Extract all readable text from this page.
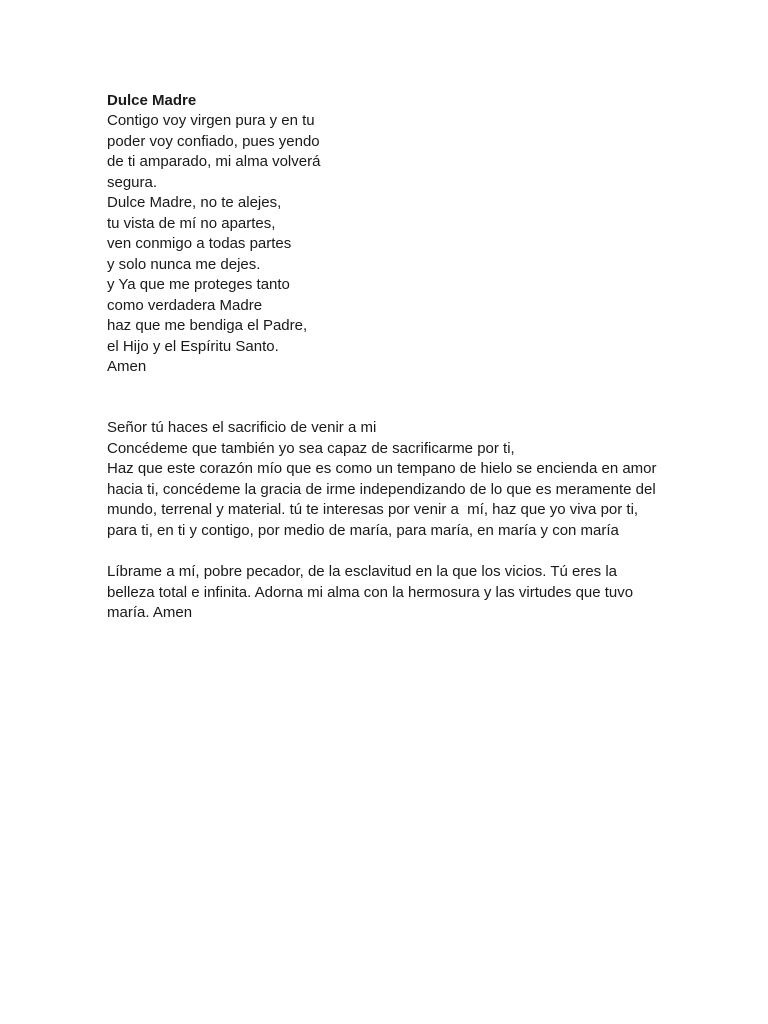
Dulce Madre
Contigo voy virgen pura y en tu
poder voy confiado, pues yendo
de ti amparado, mi alma volverá
segura.
Dulce Madre, no te alejes,
tu vista de mí no apartes,
ven conmigo a todas partes
y solo nunca me dejes.
y Ya que me proteges tanto
como verdadera Madre
haz que me bendiga el Padre,
el Hijo y el Espíritu Santo.
Amen
Señor tú haces el sacrificio de venir a mi
Concédeme que también yo sea capaz de sacrificarme por ti,
Haz que este corazón mío que es como un tempano de hielo se encienda en amor
hacia ti, concédeme la gracia de irme independizando de lo que es meramente del
mundo, terrenal y material. tú te interesas por venir a  mí, haz que yo viva por ti,
para ti, en ti y contigo, por medio de maría, para maría, en maría y con maría
Líbrame a mí, pobre pecador, de la esclavitud en la que los vicios. Tú eres la
belleza total e infinita. Adorna mi alma con la hermosura y las virtudes que tuvo
maría. Amen
